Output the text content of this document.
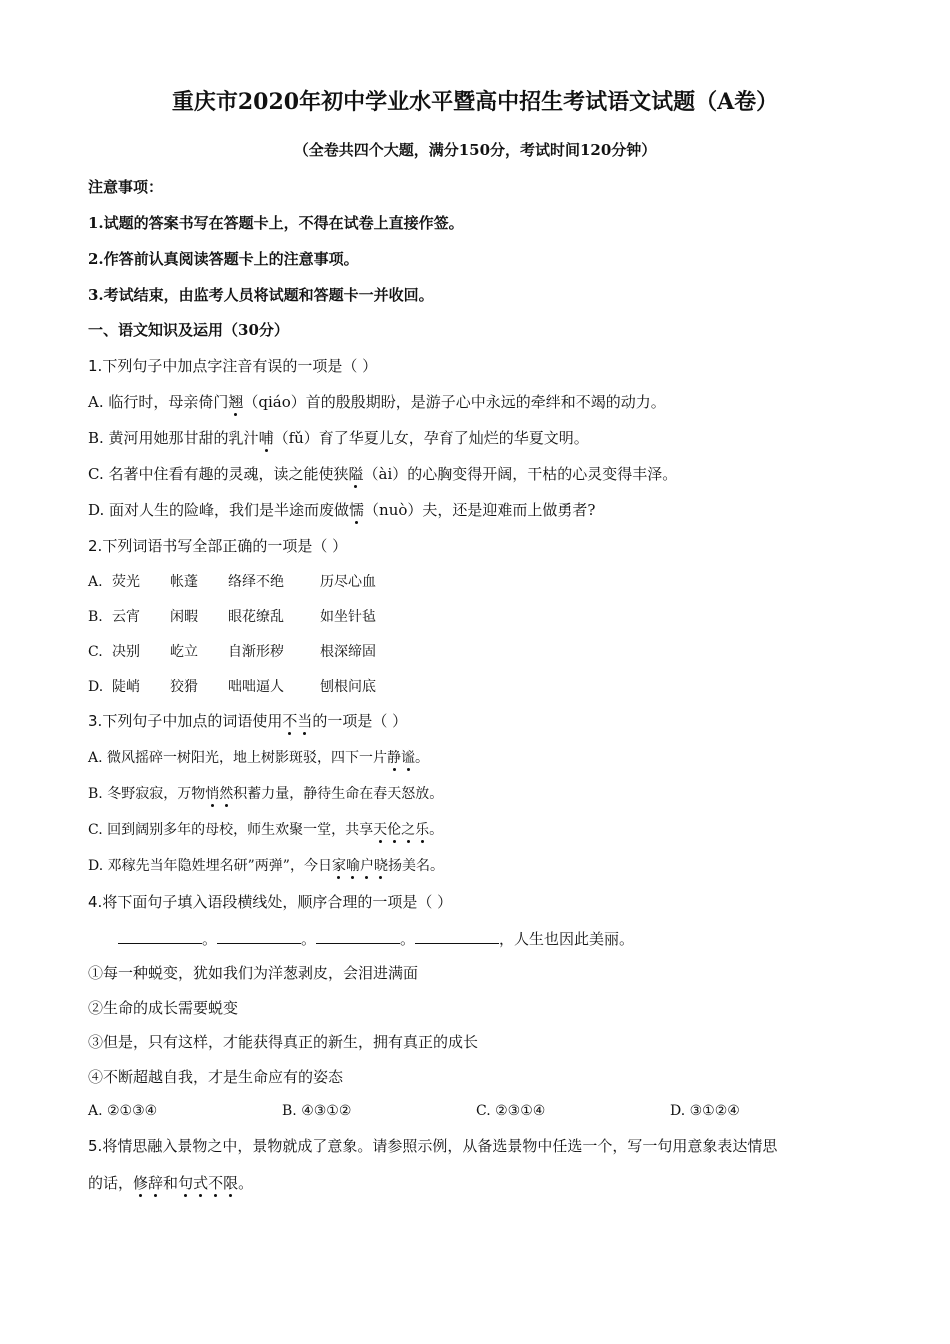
重庆市2020年初中学业水平暨高中招生考试语文试题（A卷）
（全卷共四个大题，满分150分，考试时间120分钟）
注意事项：
1.试题的答案书写在答题卡上，不得在试卷上直接作签。
2.作答前认真阅读答题卡上的注意事项。
3.考试结束，由监考人员将试题和答题卡一并收回。
一、语文知识及运用（30分）
1.下列句子中加点字注音有误的一项是（ ）
A. 临行时，母亲倚门翘（qiáo）首的殷殷期盼，是游子心中永远的牵绊和不竭的动力。
B. 黄河用她那甘甜的乳汁哺（fǔ）育了华夏儿女，孕育了灿烂的华夏文明。
C. 名著中住看有趣的灵魂，读之能使狭隘（ài）的心胸变得开阔，干枯的心灵变得丰泽。
D. 面对人生的险峰，我们是半途而废做懦（nuò）夫，还是迎难而上做勇者?
2.下列词语书写全部正确的一项是（ ）
A. 荧光 帐蓬 络绎不绝	历尽心血
B. 云宵 闲暇 眼花缭乱	如坐针毡
C. 决别 屹立 自渐形秽	根深缔固
D. 陡峭 狡猾 咄咄逼人	刨根问底
3.下列句子中加点的词语使用不当的一项是（ ）
A. 微风摇碎一树阳光，地上树影斑驳，四下一片静谧。
B. 冬野寂寂，万物悄然积蓄力量，静待生命在春天怒放。
C. 回到阔别多年的母校，师生欢聚一堂，共享天伦之乐。
D. 邓稼先当年隐姓埋名研”两弹”，今日家喻户晓扬美名。
4.将下面句子填入语段横线处，顺序合理的一项是（ ）
。	。	。	，人生也因此美丽。
①每一种蜕变，犹如我们为洋葱剥皮，会泪进满面
②生命的成长需要蜕变
③但是，只有这样，才能获得真正的新生，拥有真正的成长
④不断超越自我，才是生命应有的姿态
A. ②①③④	B. ④③①②	C. ②③①④	D. ③①②④
5.将情思融入景物之中，景物就成了意象。请参照示例，从备选景物中任选一个，写一句用意象表达情思
的话，修辞和句式不限。
